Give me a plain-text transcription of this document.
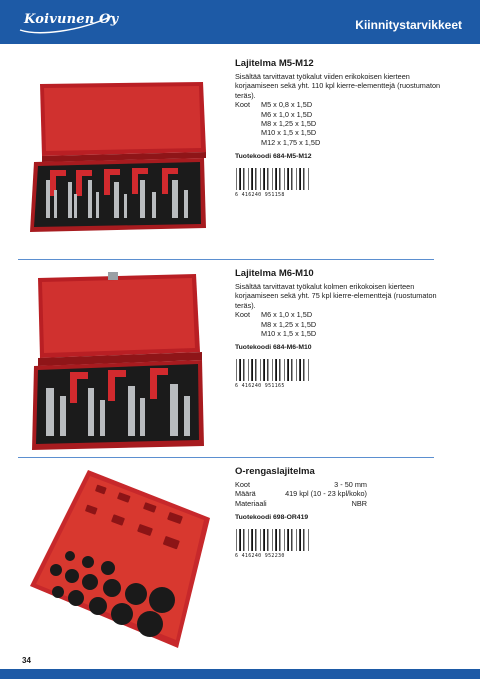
Koivunen Oy	Kiinnitystarvikkeet
Lajitelma M5-M12

Sisältää tarvittavat työkalut viiden erikokoisen kierteen korjaamiseen sekä yht. 110 kpl kierre-elementtejä (ruostumaton teräs).

Koot	M5 x 0,8 x 1,5D
M6 x 1,0 x 1,5D
M8 x 1,25 x 1,5D
M10 x 1,5 x 1,5D
M12 x 1,75 x 1,5D
Tuotekoodi 684-M5-M12
6 416240 951158
Lajitelma M6-M10

Sisältää tarvittavat työkalut kolmen erikokoisen kierteen korjaamiseen sekä yht. 75 kpl kierre-elementtejä (ruostumaton teräs).

Koot	M6 x 1,0 x 1,5D
M8 x 1,25 x 1,5D
M10 x 1,5 x 1,5D
Tuotekoodi 684-M6-M10
6 416240 951165
O-rengaslajitelma
Koot	3 - 50 mm
Määrä	419 kpl (10 - 23 kpl/koko)
Materiaali	NBR
Tuotekoodi 698-OR419
6 416240 952230
34
